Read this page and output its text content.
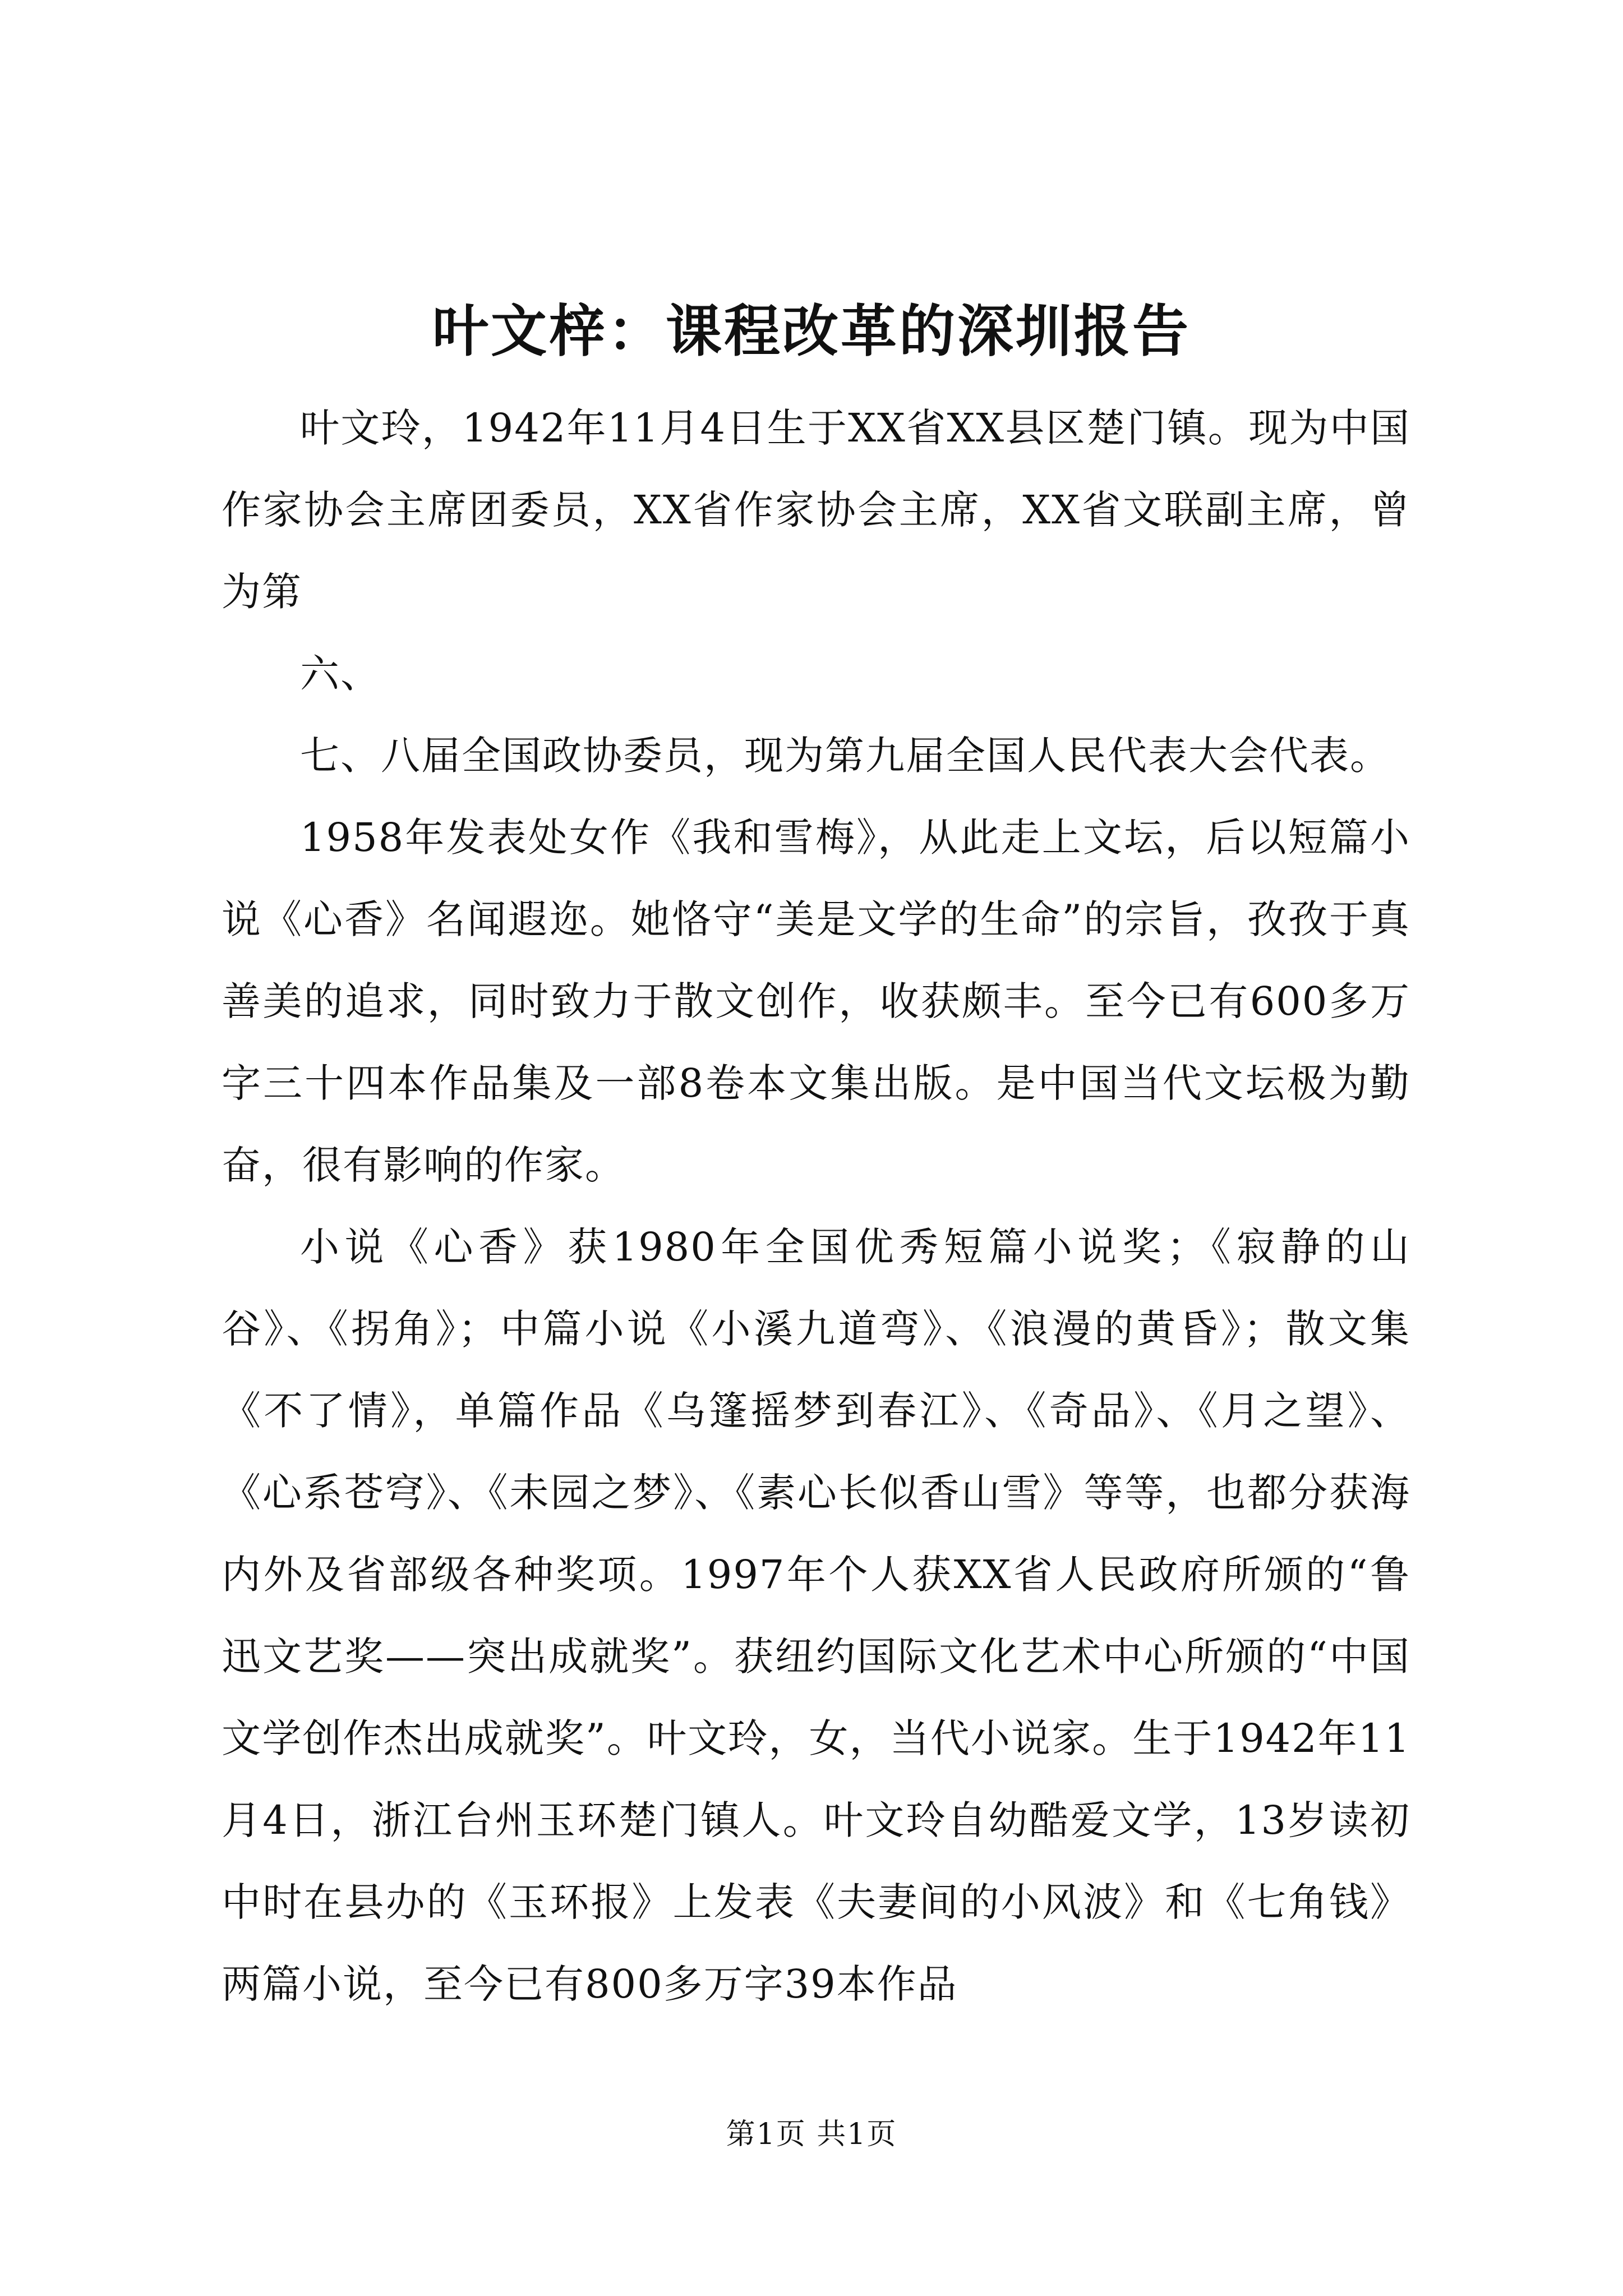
叶文梓：课程改革的深圳报告

叶文玲，1942年11月4日生于XX省XX县区楚门镇。现为中国作家协会主席团委员，XX省作家协会主席，XX省文联副主席，曾为第

六、

七、八届全国政协委员，现为第九届全国人民代表大会代表。

1958年发表处女作《我和雪梅》，从此走上文坛，后以短篇小说《心香》名闻遐迩。她恪守“美是文学的生命”的宗旨，孜孜于真善美的追求，同时致力于散文创作，收获颇丰。至今已有600多万字三十四本作品集及一部8卷本文集出版。是中国当代文坛极为勤奋，很有影响的作家。

小说《心香》获1980年全国优秀短篇小说奖；《寂静的山谷》、《拐角》；中篇小说《小溪九道弯》、《浪漫的黄昏》；散文集《不了情》，单篇作品《乌篷摇梦到春江》、《奇品》、《月之望》、《心系苍穹》、《未园之梦》、《素心长似香山雪》等等，也都分获海内外及省部级各种奖项。1997年个人获XX省人民政府所颁的“鲁迅文艺奖——突出成就奖”。获纽约国际文化艺术中心所颁的“中国文学创作杰出成就奖”。叶文玲，女，当代小说家。生于1942年11月4日，浙江台州玉环楚门镇人。叶文玲自幼酷爱文学，13岁读初中时在县办的《玉环报》上发表《夫妻间的小风波》和《七角钱》两篇小说，至今已有800多万字39本作品

第1页 共1页
